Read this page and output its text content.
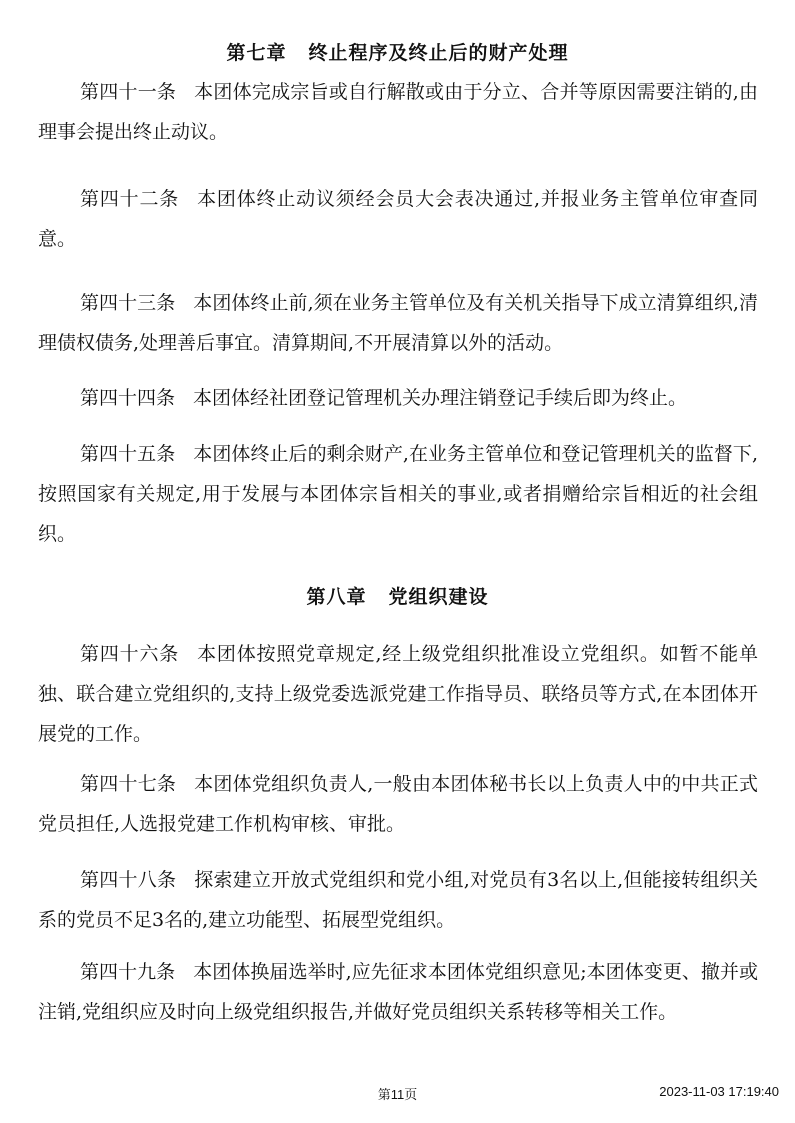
第七章 终止程序及终止后的财产处理

第四十一条 本团体完成宗旨或自行解散或由于分立、合并等原因需要注销的,由理事会提出终止动议。

第四十二条 本团体终止动议须经会员大会表决通过,并报业务主管单位审查同意。

第四十三条 本团体终止前,须在业务主管单位及有关机关指导下成立清算组织,清理债权债务,处理善后事宜。清算期间,不开展清算以外的活动。

第四十四条 本团体经社团登记管理机关办理注销登记手续后即为终止。

第四十五条 本团体终止后的剩余财产,在业务主管单位和登记管理机关的监督下,按照国家有关规定,用于发展与本团体宗旨相关的事业,或者捐赠给宗旨相近的社会组织。

第八章 党组织建设

第四十六条 本团体按照党章规定,经上级党组织批准设立党组织。如暂不能单独、联合建立党组织的,支持上级党委选派党建工作指导员、联络员等方式,在本团体开展党的工作。

第四十七条 本团体党组织负责人,一般由本团体秘书长以上负责人中的中共正式党员担任,人选报党建工作机构审核、审批。

第四十八条 探索建立开放式党组织和党小组,对党员有3名以上,但能接转组织关系的党员不足3名的,建立功能型、拓展型党组织。

第四十九条 本团体换届选举时,应先征求本团体党组织意见;本团体变更、撤并或注销,党组织应及时向上级党组织报告,并做好党员组织关系转移等相关工作。

第11页	2023-11-03 17:19:40
